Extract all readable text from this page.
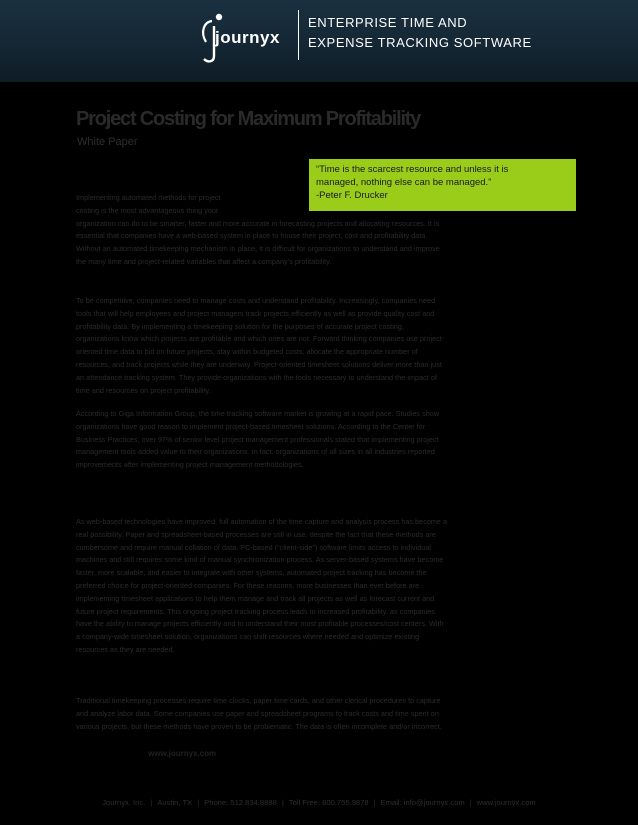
journyx
ENTERPRISE TIME AND
EXPENSE TRACKING SOFTWARE
Project Costing for Maximum Profitability
White Paper
“Time is the scarcest resource and unless it is
managed, nothing else can be managed.”
-Peter F. Drucker
Implementing automated methods for project
costing is the most advantageous thing your
organization can do to be smarter, faster and more accurate in forecasting projects and allocating resources. It is
essential that companies have a web-based system in place to house their project, cost and profitability data.
Without an automated timekeeping mechanism in place, it is difficult for organizations to understand and improve
the many time and project-related variables that affect a company’s profitability.
To be competitive, companies need to manage costs and understand profitability. Increasingly, companies need
tools that will help employees and project managers track projects efficiently as well as provide quality cost and
profitability data. By implementing a timekeeping solution for the purposes of accurate project costing,
organizations know which projects are profitable and which ones are not. Forward thinking companies use project-
oriented time data to bid on future projects, stay within budgeted costs, allocate the appropriate number of
resources, and track projects while they are underway. Project-oriented timesheet solutions deliver more than just
an attendance tracking system. They provide organizations with the tools necessary to understand the impact of
time and resources on project profitability.
According to Giga Information Group, the time tracking software market is growing at a rapid pace. Studies show
organizations have good reason to implement project-based timesheet solutions. According to the Center for
Business Practices, over 97% of senior level project management professionals stated that implementing project
management tools added value to their organizations. In fact, organizations of all sizes in all industries reported
improvements after implementing project management methodologies.
As web-based technologies have improved, full automation of the time capture and analysis process has become a
real possibility. Paper and spreadsheet-based processes are still in use, despite the fact that these methods are
cumbersome and require manual collation of data. PC-based (“client-side”) software limits access to individual
machines and still requires some kind of manual synchronization process. As server-based systems have become
faster, more scalable, and easier to integrate with other systems, automated project tracking has become the
preferred choice for project-oriented companies. For these reasons, more businesses than ever before are
implementing timesheet applications to help them manage and track all projects as well as forecast current and
future project requirements. This ongoing project tracking process leads to increased profitability, as companies
have the ability to manage projects efficiently and to understand their most profitable processes/cost centers. With
a company-wide timesheet solution, organizations can shift resources where needed and optimize existing
resources as they are needed.
Traditional timekeeping processes require time clocks, paper time cards, and other clerical procedures to capture
and analyze labor data. Some companies use paper and spreadsheet programs to track costs and time spent on
various projects, but these methods have proven to be problematic. The data is often incomplete and/or incorrect,
www.journyx.com
Journyx, Inc. | Austin, TX | Phone: 512.834.8888 | Toll Free: 800.755.9878 | Email: info@journyx.com | www.journyx.com
